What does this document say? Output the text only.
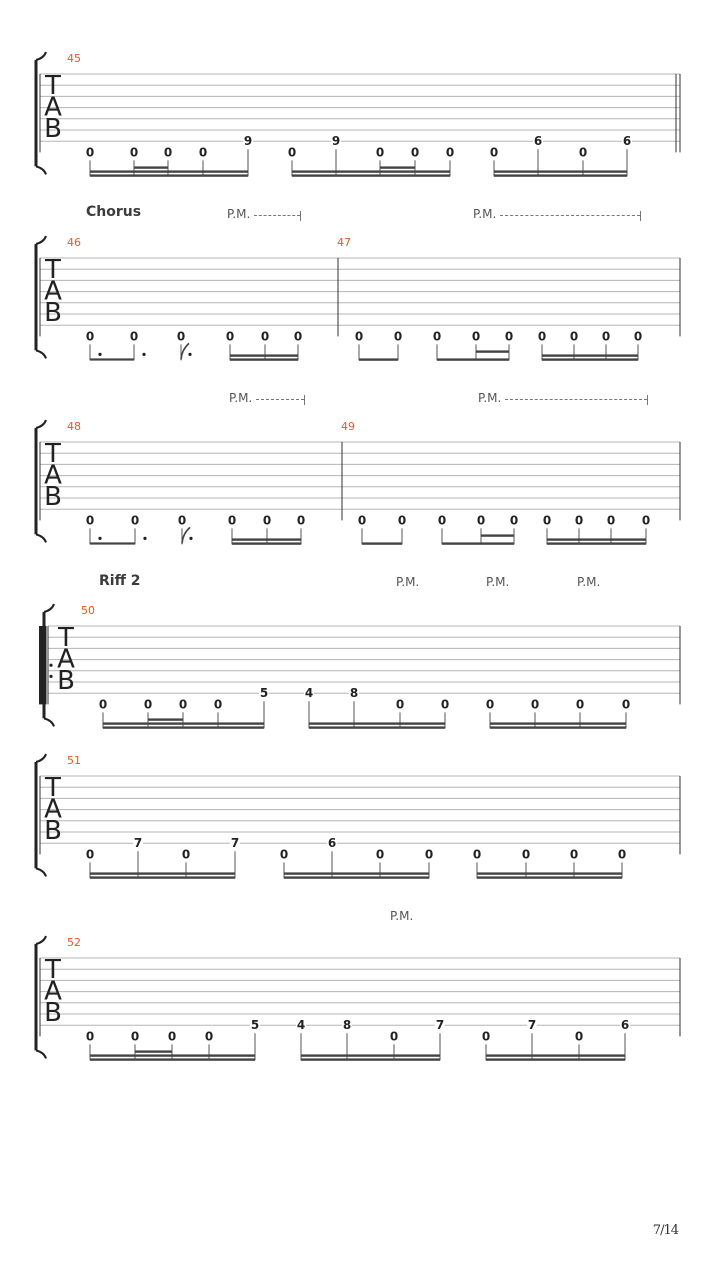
Chorus	P.M.	P.M.
P.M.	P.M.
Riff 2	P.M.	P.M.	P.M.
P.M.
T
A
B
45
0	0 0 0
9
0
9
0 0 0	0
6
0
6
T
A
B
46	47
0	0	0	0 0 0	0	0	0	0 0 0 0 0 0
T
A
B
48	49
0	0	0	0 0 0	0	0	0	0 0 0 0 0 0
T
A
B
50
0	0 0 0
5	4	8
0	0	0	0	0	0
T
A
B
51
0
7
0
7
0
6
0	0	0	0	0	0
T
A
B
52
0	0 0 0
5	4	8
0
7
0
7
0
6
7/14
